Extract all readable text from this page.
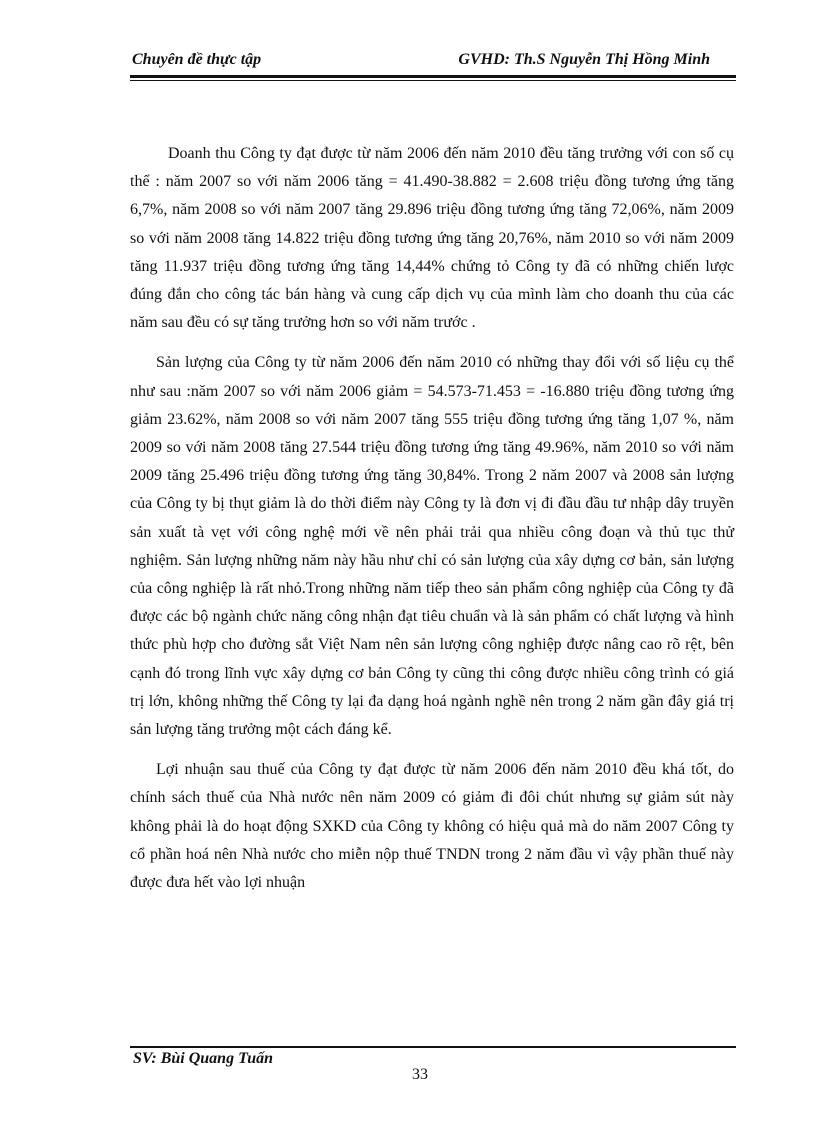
Chuyên đề thực tập	GVHD: Th.S Nguyễn Thị Hồng Minh

Doanh thu Công ty đạt được từ năm 2006 đến năm 2010 đều tăng trưởng với con số cụ thể : năm 2007 so với năm 2006 tăng = 41.490-38.882 = 2.608 triệu đồng tương ứng tăng 6,7%, năm 2008 so với năm 2007 tăng 29.896 triệu đồng tương ứng tăng 72,06%, năm 2009 so với năm 2008 tăng 14.822 triệu đồng tương ứng tăng 20,76%, năm 2010 so với năm 2009 tăng 11.937 triệu đồng tương ứng tăng 14,44% chứng tỏ Công ty đã có những chiến lược đúng đắn cho công tác bán hàng và cung cấp dịch vụ của mình làm cho doanh thu của các năm sau đều có sự tăng trưởng hơn so với năm trước .

Sản lượng của Công ty từ năm 2006 đến năm 2010 có những thay đổi với số liệu cụ thể như sau :năm 2007 so với năm 2006 giảm = 54.573-71.453 = -16.880 triệu đồng tương ứng giảm 23.62%, năm 2008 so với năm 2007 tăng 555 triệu đồng tương ứng tăng 1,07 %, năm 2009 so với năm 2008 tăng 27.544 triệu đồng tương ứng tăng 49.96%, năm 2010 so với năm 2009 tăng 25.496 triệu đồng tương ứng tăng 30,84%. Trong 2 năm 2007 và 2008 sản lượng của Công ty bị thụt giảm là do thời điểm này Công ty là đơn vị đi đầu đầu tư nhập dây truyền sản xuất tà vẹt với công nghệ mới về nên phải trải qua nhiều công đoạn và thủ tục thử nghiệm. Sản lượng những năm này hầu như chỉ có sản lượng của xây dựng cơ bản, sản lượng của công nghiệp là rất nhỏ.Trong những năm tiếp theo sản phẩm công nghiệp của Công ty đã được các bộ ngành chức năng công nhận đạt tiêu chuẩn và là sản phẩm có chất lượng và hình thức phù hợp cho đường sắt Việt Nam nên sản lượng công nghiệp được nâng cao rõ rệt, bên cạnh đó trong lĩnh vực xây dựng cơ bản Công ty cũng thi công được nhiều công trình có giá trị lớn, không những thế Công ty lại đa dạng hoá ngành nghề nên trong 2 năm gần đây giá trị sản lượng tăng trưởng một cách đáng kể.

Lợi nhuận sau thuế của Công ty đạt được từ năm 2006 đến năm 2010 đều khá tốt, do chính sách thuế của Nhà nước nên năm 2009 có giảm đi đôi chút nhưng sự giảm sút này không phải là do hoạt động SXKD của Công ty không có hiệu quả mà do năm 2007 Công ty cổ phần hoá nên Nhà nước cho miễn nộp thuế TNDN trong 2 năm đầu vì vậy phần thuế này được đưa hết vào lợi nhuận

SV: Bùi Quang Tuấn
33
